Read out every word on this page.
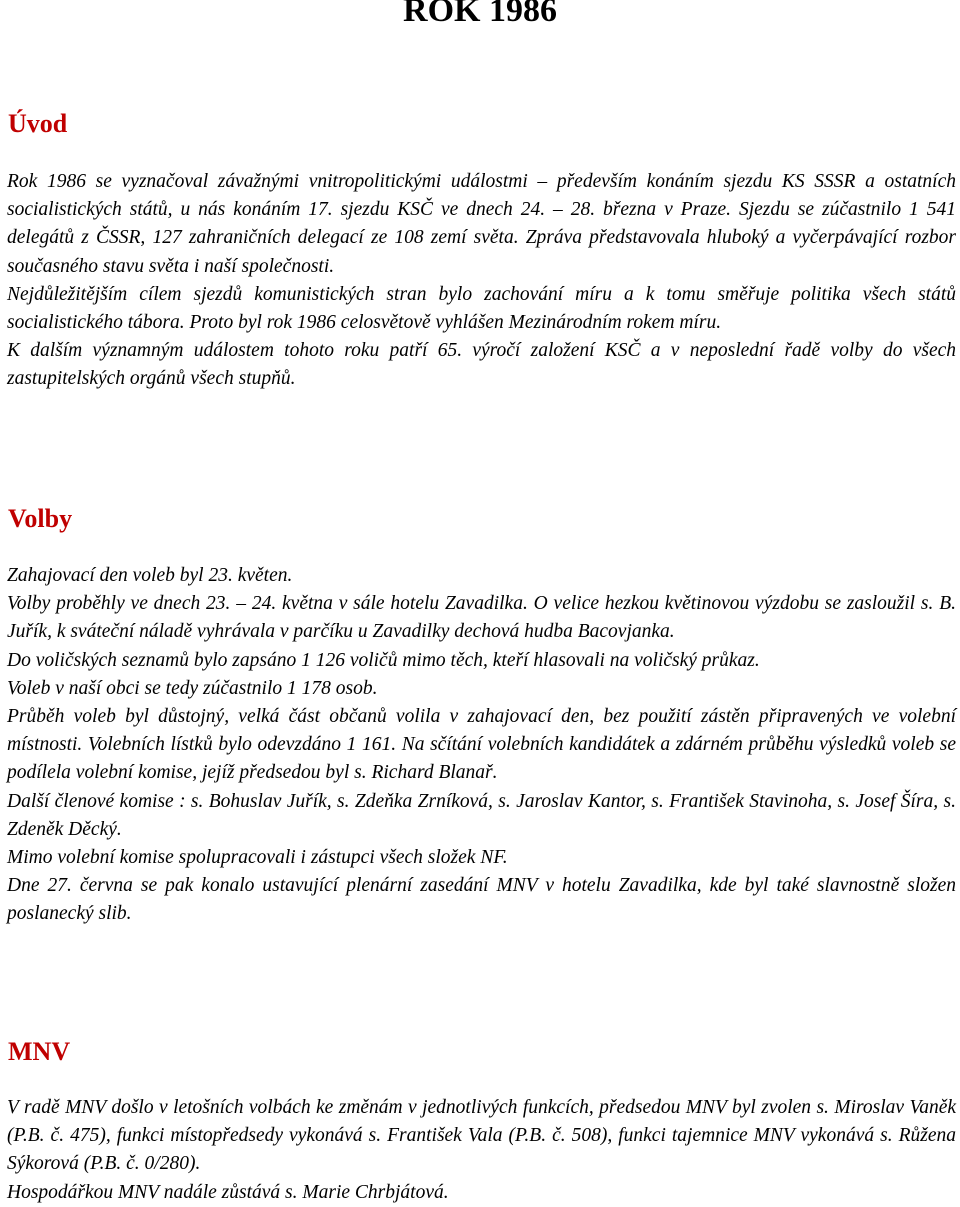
ROK 1986
Úvod

Rok 1986 se vyznačoval závažnými vnitropolitickými událostmi – především konáním sjezdu KS SSSR a ostatních socialistických států, u nás konáním 17. sjezdu KSČ ve dnech 24. – 28. března v Praze. Sjezdu se zúčastnilo 1 541 delegátů z ČSSR, 127 zahraničních delegací ze 108 zemí světa. Zpráva představovala hluboký a vyčerpávající rozbor současného stavu světa i naší společnosti.

Nejdůležitějším cílem sjezdů komunistických stran bylo zachování míru a k tomu směřuje politika všech států socialistického tábora. Proto byl rok 1986 celosvětově vyhlášen Mezinárodním rokem míru.

K dalším významným událostem tohoto roku patří 65. výročí založení KSČ a v neposlední řadě volby do všech zastupitelských orgánů všech stupňů.

Volby

Zahajovací den voleb byl 23. květen.

Volby proběhly ve dnech 23. – 24. května v sále hotelu Zavadilka. O velice hezkou květinovou výzdobu se zasloužil s. B. Juřík, k sváteční náladě vyhrávala v parčíku u Zavadilky dechová hudba Bacovjanka.

Do voličských seznamů bylo zapsáno 1 126 voličů mimo těch, kteří hlasovali na voličský průkaz.

Voleb v naší obci se tedy zúčastnilo 1 178 osob.

Průběh voleb byl důstojný, velká část občanů volila v zahajovací den, bez použití zástěn připravených ve volební místnosti. Volebních lístků bylo odevzdáno 1 161. Na sčítání volebních kandidátek a zdárném průběhu výsledků voleb se podílela volební komise, jejíž předsedou byl s. Richard Blanař.

Další členové komise : s. Bohuslav Juřík, s. Zdeňka Zrníková, s. Jaroslav Kantor, s. František Stavinoha, s. Josef Šíra, s. Zdeněk Děcký.

Mimo volební komise spolupracovali i zástupci všech složek NF.

Dne 27. června se pak konalo ustavující plenární zasedání MNV v hotelu Zavadilka, kde byl také slavnostně složen poslanecký slib.

MNV

V radě MNV došlo v letošních volbách ke změnám v jednotlivých funkcích, předsedou MNV byl zvolen s. Miroslav Vaněk (P.B. č. 475), funkci místopředsedy vykonává s. František Vala (P.B. č. 508), funkci tajemnice MNV vykonává s. Růžena Sýkorová (P.B. č. 0/280).

Hospodářkou MNV nadále zůstává s. Marie Chrbjátová.
